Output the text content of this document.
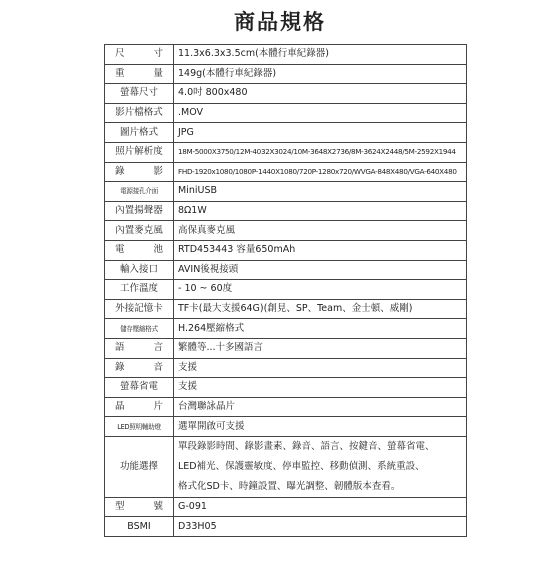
商品規格
尺　寸	11.3x6.3x3.5cm(本體行車紀錄器)
重　量	149g(本體行車紀錄器)
螢幕尺寸	4.0吋 800x480
影片檔格式	.MOV
圖片格式	JPG
照片解析度	18M-5000X3750/12M-4032X3024/10M-3648X2736/8M-3624X2448/5M-2592X1944
錄　影	FHD-1920x1080/1080P-1440X1080/720P-1280x720/WVGA-848X480/VGA-640X480
電源接孔介面	MiniUSB
內置揚聲器	8Ω1W
內置麥克風	高保真麥克風
電　池	RTD453443 容量650mAh
輸入接口	AVIN後視接頭
工作溫度	- 10 ~ 60度
外接記憶卡	TF卡(最大支援64G)(創見、SP、Team、金士頓、威剛)
儲存壓縮格式	H.264壓縮格式
語　言	繁體等...十多國語言
錄　音	支援
螢幕省電	支援
晶　片	台灣聯詠晶片
LED照明輔助燈	選單開啟可支援
功能選擇	單段錄影時間、錄影畫素、錄音、語言、按鍵音、螢幕省電、
LED補光、保護靈敏度、停車監控、移動偵測、系統重設、
格式化SD卡、時鐘設置、曝光調整、韌體版本查看。

型　號	G-091
BSMI	D33H05
